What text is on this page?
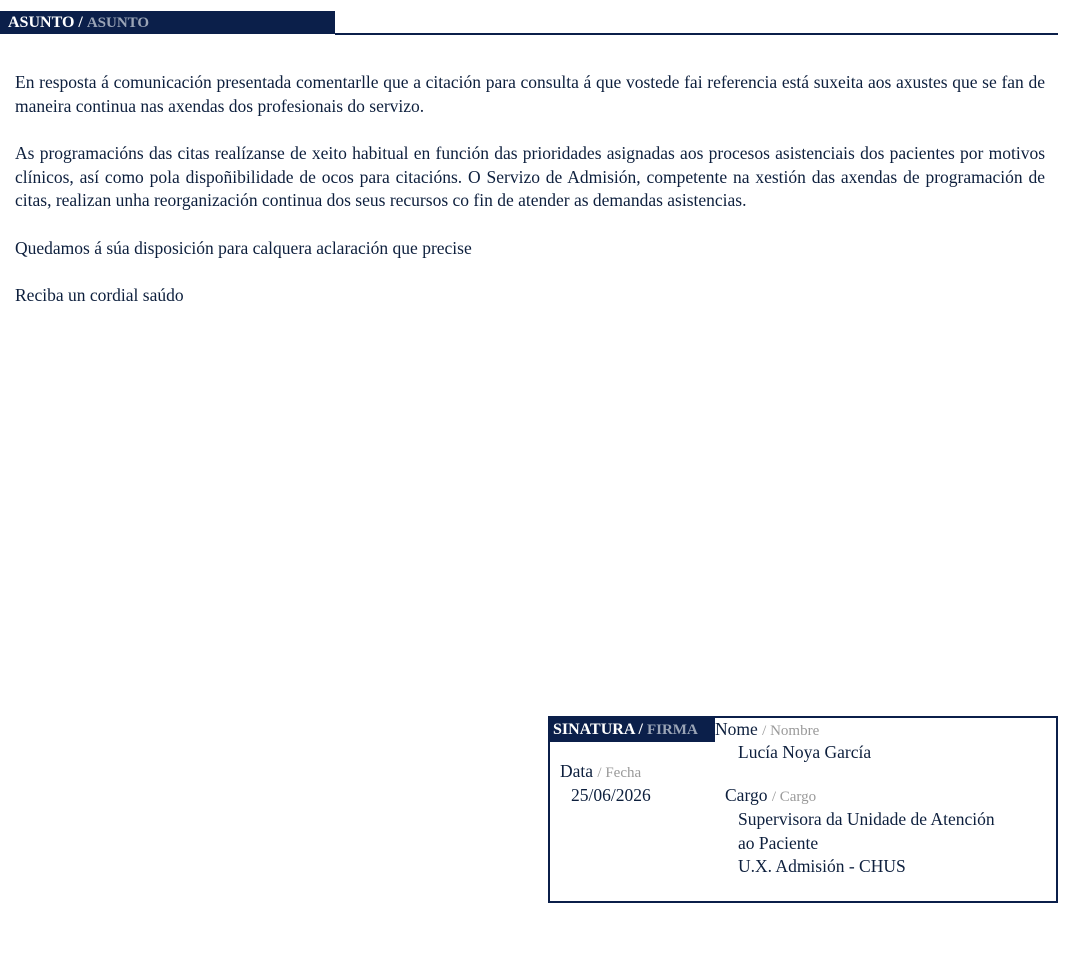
ASUNTO / ASUNTO

En resposta á comunicación presentada comentarlle que a citación para consulta á que vostede fai referencia está suxeita aos axustes que se fan de maneira continua nas axendas dos profesionais do servizo.

As programacións das citas realízanse de xeito habitual en función das prioridades asignadas aos procesos asistenciais dos pacientes por motivos clínicos, así como pola dispoñibilidade de ocos para citacións. O Servizo de Admisión, competente na xestión das axendas de programación de citas, realizan unha reorganización continua dos seus recursos co fin de atender as demandas asistencias.

Quedamos á súa disposición para calquera aclaración que precise

Reciba un cordial saúdo

SINATURA / FIRMA Nome / Nombre
Lucía Noya García
Data / Fecha
25/06/2026	Cargo / Cargo
Supervisora da Unidade de Atención
ao Paciente
U.X. Admisión - CHUS
